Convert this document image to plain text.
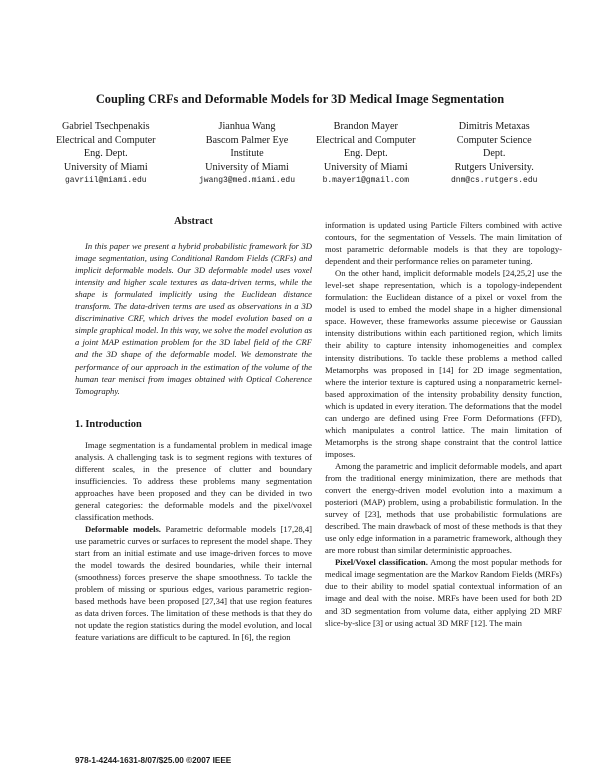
Coupling CRFs and Deformable Models for 3D Medical Image Segmentation
Gabriel Tsechpenakis
Electrical and Computer
Eng. Dept.
University of Miami
gavriil@miami.edu
Jianhua Wang
Bascom Palmer Eye
Institute
University of Miami
jwang3@med.miami.edu
Brandon Mayer
Electrical and Computer
Eng. Dept.
University of Miami
b.mayer1@gmail.com
Dimitris Metaxas
Computer Science
Dept.
Rutgers University.
dnm@cs.rutgers.edu
Abstract

In this paper we present a hybrid probabilistic framework for 3D image segmentation, using Conditional Random Fields (CRFs) and implicit deformable models. Our 3D deformable model uses voxel intensity and higher scale textures as data-driven terms, while the shape is formulated implicitly using the Euclidean distance transform. The data-driven terms are used as observations in a 3D discriminative CRF, which drives the model evolution based on a simple graphical model. In this way, we solve the model evolution as a joint MAP estimation problem for the 3D label field of the CRF and the 3D shape of the deformable model. We demonstrate the performance of our approach in the estimation of the volume of the human tear menisci from images obtained with Optical Coherence Tomography.

1. Introduction

Image segmentation is a fundamental problem in medical image analysis. A challenging task is to segment regions with textures of different scales, in the presence of clutter and boundary insufficiencies. To address these problems many segmentation approaches have been proposed and they can be divided in two general categories: the deformable models and the pixel/voxel classification methods.

Deformable models. Parametric deformable models [17,28,4] use parametric curves or surfaces to represent the model shape. They start from an initial estimate and use image-driven forces to move the model towards the desired boundaries, while their internal (smoothness) forces preserve the shape smoothness. To tackle the problem of missing or spurious edges, various parametric region-based methods have been proposed [27,34] that use region features as data driven forces. The limitation of these methods is that they do not update the region statistics during the model evolution, and local feature variations are difficult to be captured. In [6], the region

information is updated using Particle Filters combined with active contours, for the segmentation of Vessels. The main limitation of most parametric deformable models is that they are topology-dependent and their performance relies on parameter tuning.

On the other hand, implicit deformable models [24,25,2] use the level-set shape representation, which is a topology-independent formulation: the Euclidean distance of a pixel or voxel from the model is used to embed the model shape in a higher dimensional space. However, these frameworks assume piecewise or Gaussian intensity distributions within each partitioned region, which limits their ability to capture intensity inhomogeneities and complex intensity distributions. To tackle these problems a method called Metamorphs was proposed in [14] for 2D image segmentation, where the interior texture is captured using a nonparametric kernel-based approximation of the intensity probability density function, which is updated in every iteration. The deformations that the model can undergo are defined using Free Form Deformations (FFD), which manipulates a control lattice. The main limitation of Metamorphs is the strong shape constraint that the control lattice imposes.

Among the parametric and implicit deformable models, and apart from the traditional energy minimization, there are methods that convert the energy-driven model evolution into a maximum a posteriori (MAP) problem, using a probabilistic formulation. In the survey of [23], methods that use probabilistic formulations are described. The main drawback of most of these methods is that they use only edge information in a parametric framework, although they are more robust than similar deterministic approaches.

Pixel/Voxel classification. Among the most popular methods for medical image segmentation are the Markov Random Fields (MRFs) due to their ability to model spatial contextual information of an image and deal with the noise. MRFs have been used for both 2D and 3D segmentation from volume data, either applying 2D MRF slice-by-slice [3] or using actual 3D MRF [12]. The main

978-1-4244-1631-8/07/$25.00 ©2007 IEEE
